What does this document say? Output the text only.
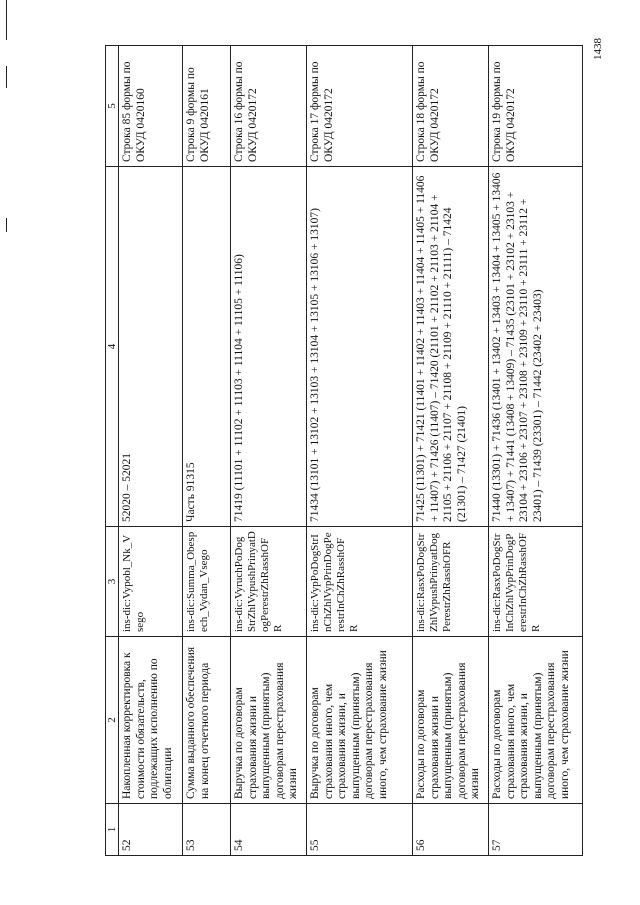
1438
1	2	3	4	5
52	Накопленная корректировка к стоимости обязательств, подлежащих исполнению по облигации	ins-dic:Vypobl_Nk_Vsego	52020 – 52021	Строка 85 формы по ОКУД 0420160
53	Сумма выданного обеспечения на конец отчетного периода	ins-dic:Summa_Obespech_Vydan_Vsego	Часть 91315	Строка 9 формы по ОКУД 0420161
54	Выручка по договорам страхования жизни и выпущенным (принятым) договорам перестрахования жизни	ins-dic:VyruchPoDogStrZhlVypushPrinyatDogPerestrZhRasshOFR	71419 (11101 + 11102 + 11103 + 11104 + 11105 + 11106)	Строка 16 формы по ОКУД 0420172
55	Выручка по договорам страхования иного, чем страхования жизни, и выпущенным (принятым) договорам перестрахования иного, чем страхование жизни	ins-dic:VypPoDogStrInChZhlVypPrinDogPerestrInChZhRasshOFR	71434 (13101 + 13102 + 13103 + 13104 + 13105 + 13106 + 13107)	Строка 17 формы по ОКУД 0420172
56	Расходы по договорам страхования жизни и выпущенным (принятым) договорам перестрахования жизни	ins-dic:RasxPoDogStrZhlVypushPrinyatDogPerestrZhRasshOFR	71425 (11301) + 71421 (11401 + 11402 + 11403 + 11404 + 11405 + 11406 + 11407) + 71426 (11407) – 71420 (21101 + 21102 + 21103 + 21104 + 21105 + 21106 + 21107 + 21108 + 21109 + 21110 + 21111) – 71424 (21301) – 71427 (21401)	Строка 18 формы по ОКУД 0420172
57	Расходы по договорам страхования иного, чем страхования жизни, и выпущенным (принятым) договорам перестрахования иного, чем страхование жизни	ins-dic:RasxPoDogStrInChZhlVypPrinDogPerestrInChZhRasshOFR	71440 (13301) + 71436 (13401 + 13402 + 13403 + 13404 + 13405 + 13406 + 13407) + 71441 (13408 + 13409) – 71435 (23101 + 23102 + 23103 + 23104 + 23106 + 23107 + 23108 + 23109 + 23110 + 23111 + 23112 + 23401) – 71439 (23301) – 71442 (23402 + 23403)	Строка 19 формы по ОКУД 0420172
